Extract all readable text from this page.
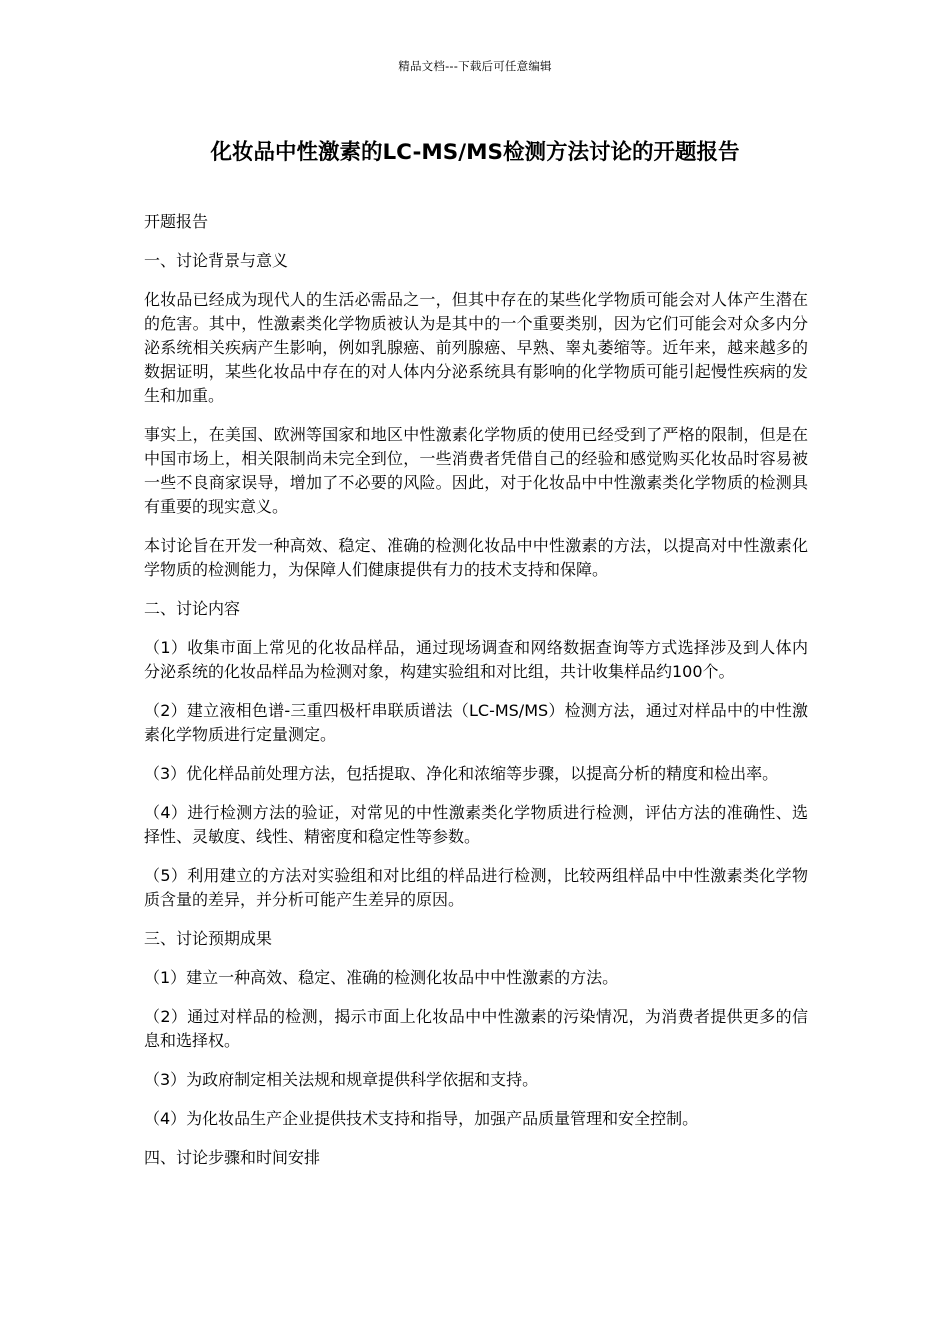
精品文档---下载后可任意编辑
化妆品中性激素的LC-MS/MS检测方法讨论的开题报告

开题报告

一、讨论背景与意义

化妆品已经成为现代人的生活必需品之一，但其中存在的某些化学物质可能会对人体产生潜在的危害。其中，性激素类化学物质被认为是其中的一个重要类别，因为它们可能会对众多内分泌系统相关疾病产生影响，例如乳腺癌、前列腺癌、早熟、睾丸萎缩等。近年来，越来越多的数据证明，某些化妆品中存在的对人体内分泌系统具有影响的化学物质可能引起慢性疾病的发生和加重。

事实上，在美国、欧洲等国家和地区中性激素化学物质的使用已经受到了严格的限制，但是在中国市场上，相关限制尚未完全到位，一些消费者凭借自己的经验和感觉购买化妆品时容易被一些不良商家误导，增加了不必要的风险。因此，对于化妆品中中性激素类化学物质的检测具有重要的现实意义。

本讨论旨在开发一种高效、稳定、准确的检测化妆品中中性激素的方法，以提高对中性激素化学物质的检测能力，为保障人们健康提供有力的技术支持和保障。

二、讨论内容

（1）收集市面上常见的化妆品样品，通过现场调查和网络数据查询等方式选择涉及到人体内分泌系统的化妆品样品为检测对象，构建实验组和对比组，共计收集样品约100个。

（2）建立液相色谱-三重四极杆串联质谱法（LC-MS/MS）检测方法，通过对样品中的中性激素化学物质进行定量测定。

（3）优化样品前处理方法，包括提取、净化和浓缩等步骤，以提高分析的精度和检出率。

（4）进行检测方法的验证，对常见的中性激素类化学物质进行检测，评估方法的准确性、选择性、灵敏度、线性、精密度和稳定性等参数。

（5）利用建立的方法对实验组和对比组的样品进行检测，比较两组样品中中性激素类化学物质含量的差异，并分析可能产生差异的原因。

三、讨论预期成果

（1）建立一种高效、稳定、准确的检测化妆品中中性激素的方法。

（2）通过对样品的检测，揭示市面上化妆品中中性激素的污染情况，为消费者提供更多的信息和选择权。

（3）为政府制定相关法规和规章提供科学依据和支持。

（4）为化妆品生产企业提供技术支持和指导，加强产品质量管理和安全控制。

四、讨论步骤和时间安排
